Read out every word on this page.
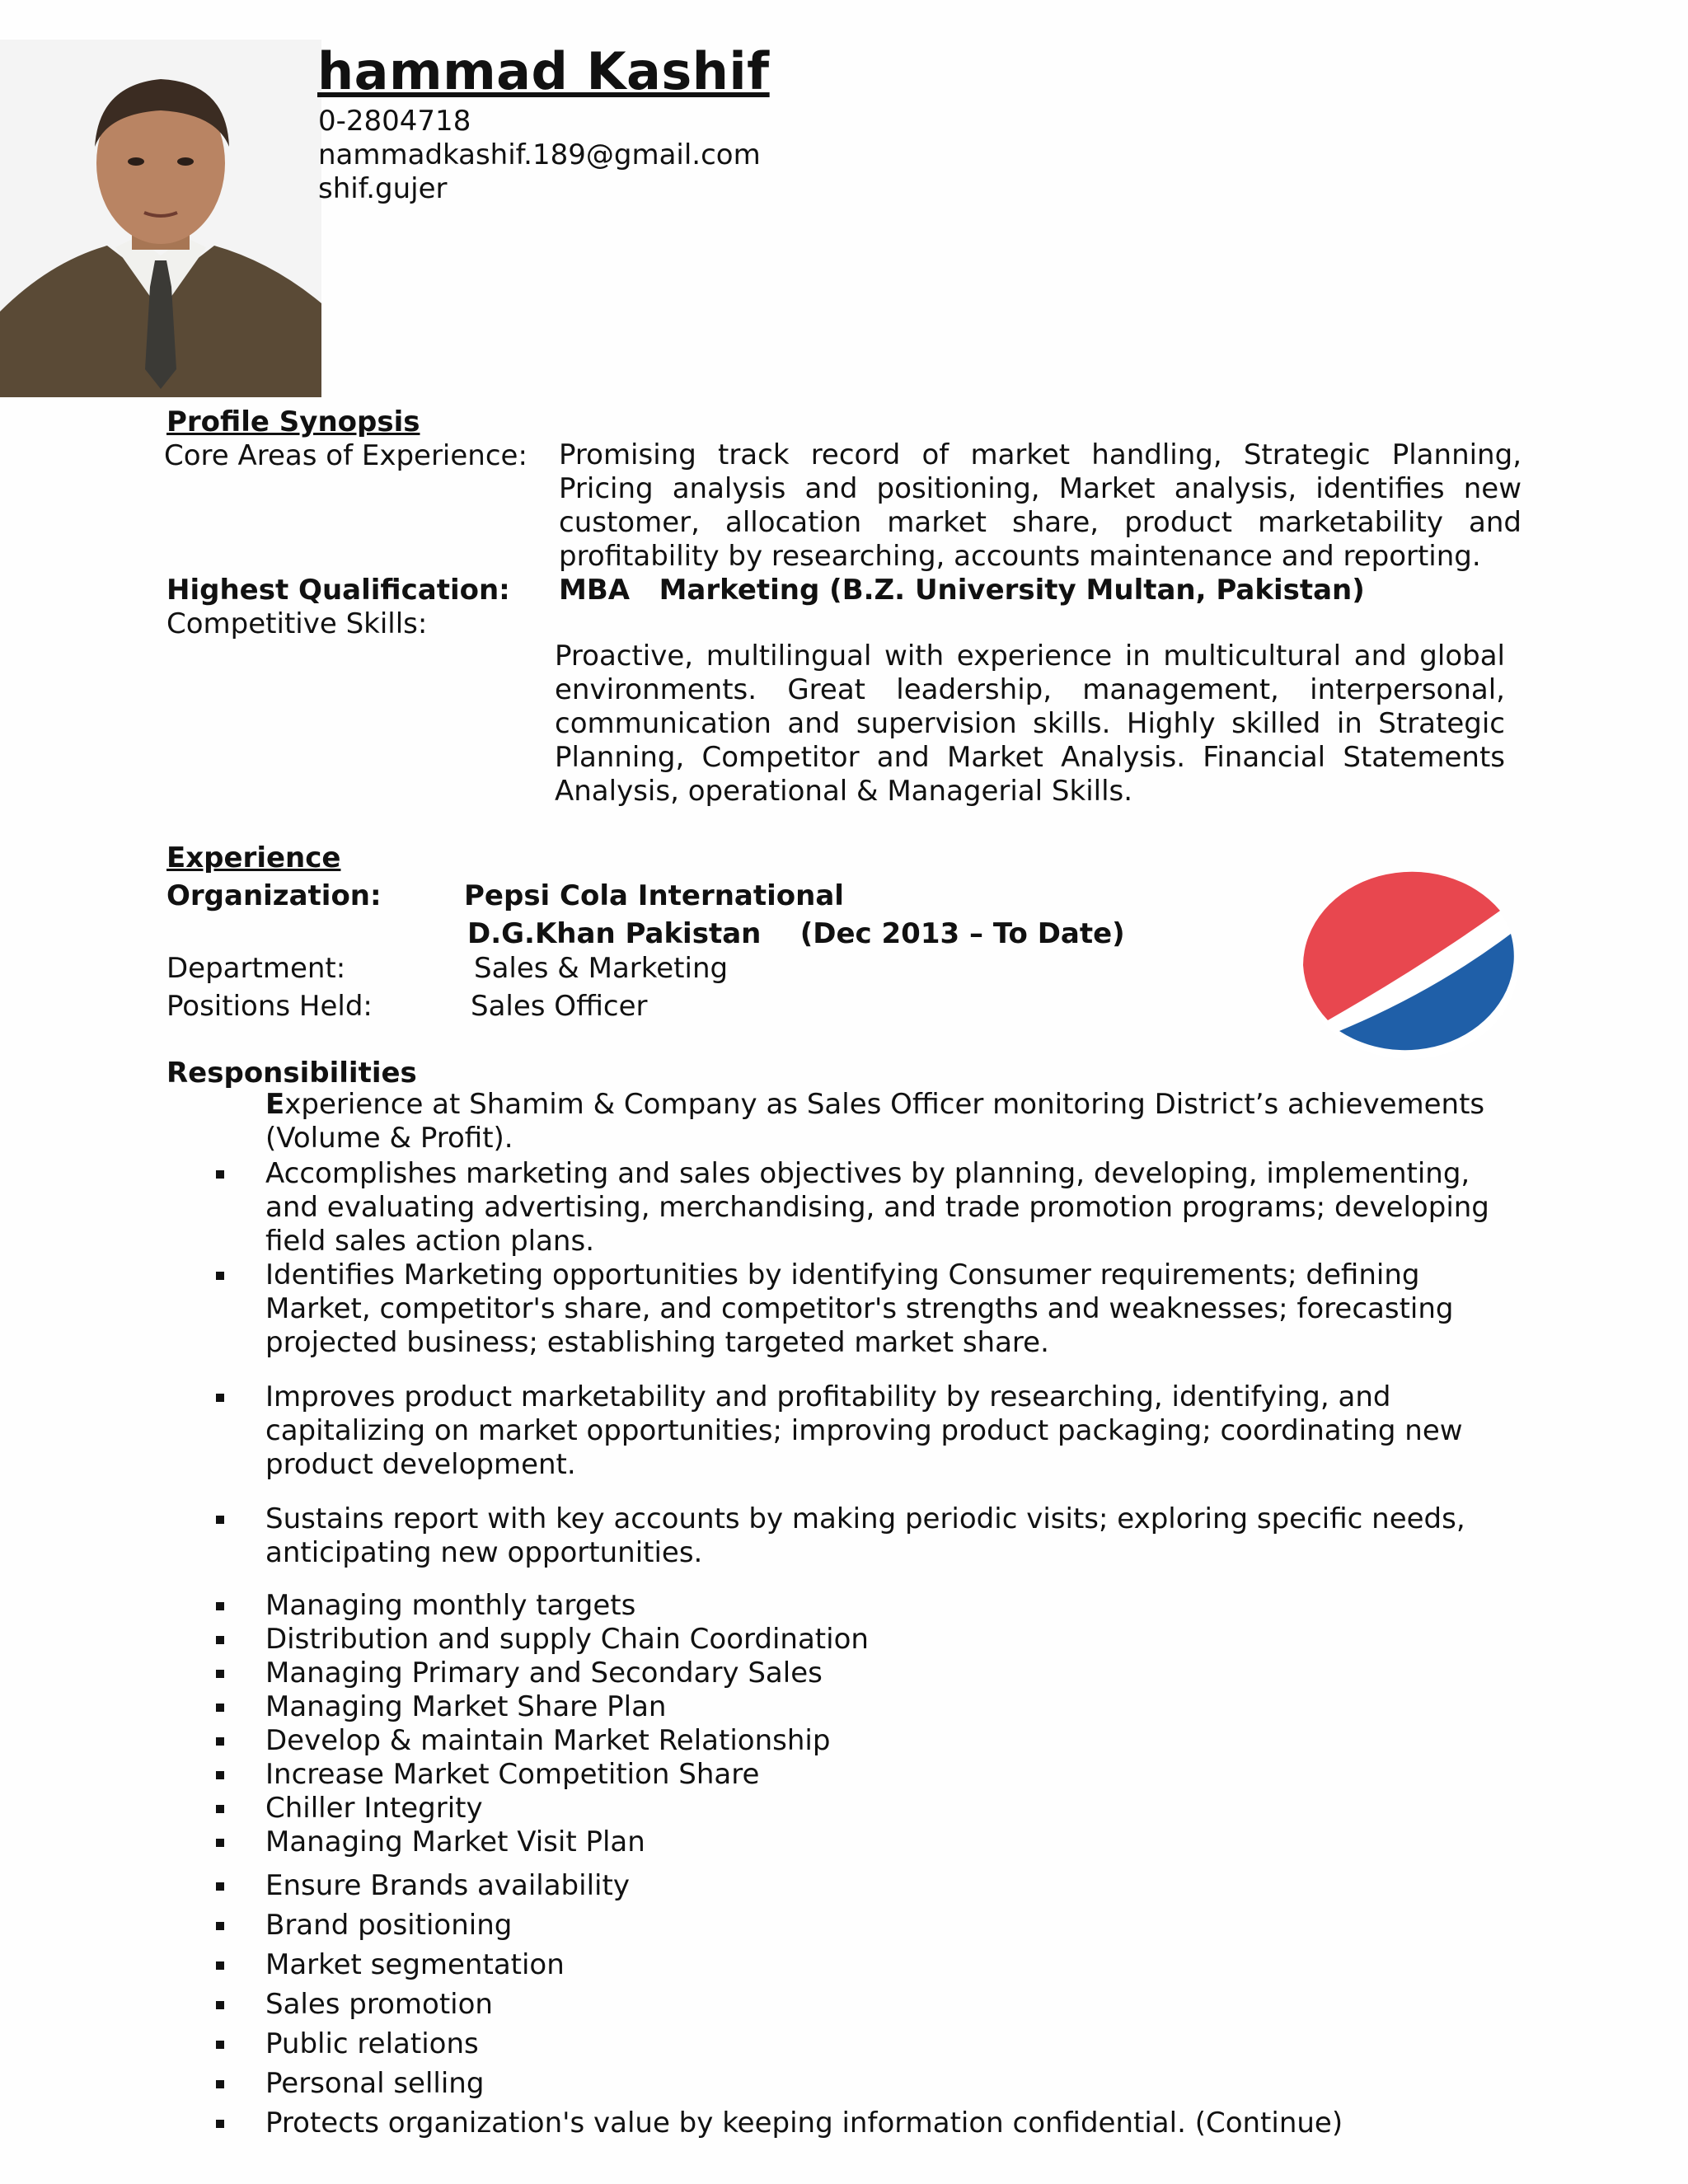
hammad Kashif
0-2804718
nammadkashif.189@gmail.com
shif.gujer
Profile Synopsis
Core Areas of Experience: Promising track record of market handling, Strategic Planning, Pricing analysis and positioning, Market analysis, identifies new customer, allocation market share, product marketability and profitability by researching, accounts maintenance and reporting.
Highest Qualification: MBA   Marketing (B.Z. University Multan, Pakistan)
Competitive Skills:
Proactive, multilingual with experience in multicultural and global environments. Great leadership, management, interpersonal, communication and supervision skills. Highly skilled in Strategic Planning, Competitor and Market Analysis. Financial Statements Analysis, operational & Managerial Skills.
Experience
Organization:	Pepsi Cola International
D.G.Khan Pakistan    (Dec 2013 – To Date)
Department:	Sales & Marketing
Positions Held:	Sales Officer
Responsibilities
Experience at Shamim & Company as Sales Officer monitoring District’s achievements (Volume & Profit).
Accomplishes marketing and sales objectives by planning, developing, implementing, and evaluating advertising, merchandising, and trade promotion programs; developing field sales action plans.
Identifies Marketing opportunities by identifying Consumer requirements; defining Market, competitor's share, and competitor's strengths and weaknesses; forecasting projected business; establishing targeted market share.
Improves product marketability and profitability by researching, identifying, and capitalizing on market opportunities; improving product packaging; coordinating new product development.
Sustains report with key accounts by making periodic visits; exploring specific needs, anticipating new opportunities.
Managing monthly targets
Distribution and supply Chain Coordination
Managing Primary and Secondary Sales
Managing Market Share Plan
Develop & maintain Market Relationship
Increase Market Competition Share
Chiller Integrity
Managing Market Visit Plan
Ensure Brands availability
Brand positioning
Market segmentation
Sales promotion
Public relations
Personal selling
Protects organization's value by keeping information confidential. (Continue)
